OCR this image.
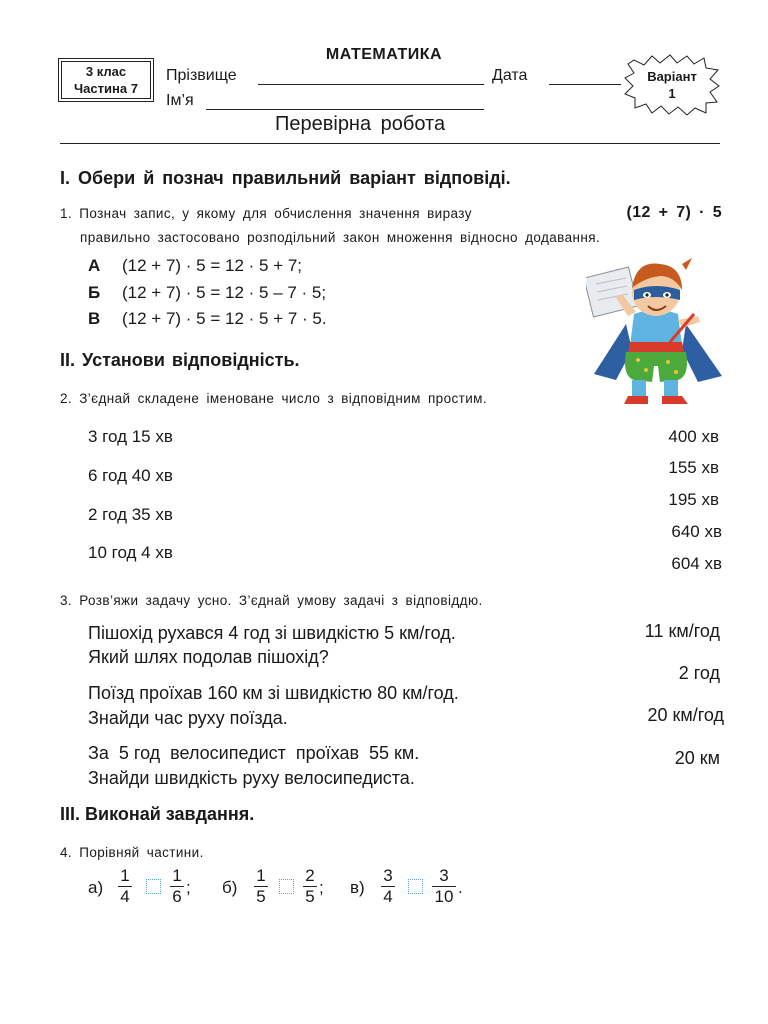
3 клас
Частина 7
МАТЕМАТИКА
Прізвище	Дата
Ім’я
Варіант
1
Перевірна робота
I. Обери й познач правильний варіант відповіді.
1. Познач запис, у якому для обчислення значення виразу	(12 + 7) · 5
правильно застосовано розподільний закон множення відносно додавання.
А (12 + 7) · 5 = 12 · 5 + 7;
Б (12 + 7) · 5 = 12 · 5 – 7 · 5;
В (12 + 7) · 5 = 12 · 5 + 7 · 5.
II. Установи відповідність.
2. З’єднай складене іменоване число з відповідним простим.
3 год 15 хв
6 год 40 хв
2 год 35 хв
10 год 4 хв
400 хв
155 хв
195 хв
640 хв
604 хв
3. Розв’яжи задачу усно. З’єднай умову задачі з відповіддю.
Пішохід рухався 4 год зі швидкістю 5 км/год.
Який шлях подолав пішохід?
Поїзд проїхав 160 км зі швидкістю 80 км/год.
Знайди час руху поїзда.
За  5 год  велосипедист  проїхав  55 км.
Знайди швидкість руху велосипедиста.
11 км/год
2 год
20 км/год
20 км
III. Виконай завдання.
4. Порівняй частини.
а)
1
4
1
6 ; б)
1
5
2
5 ; в)
3
4
3
10 .
